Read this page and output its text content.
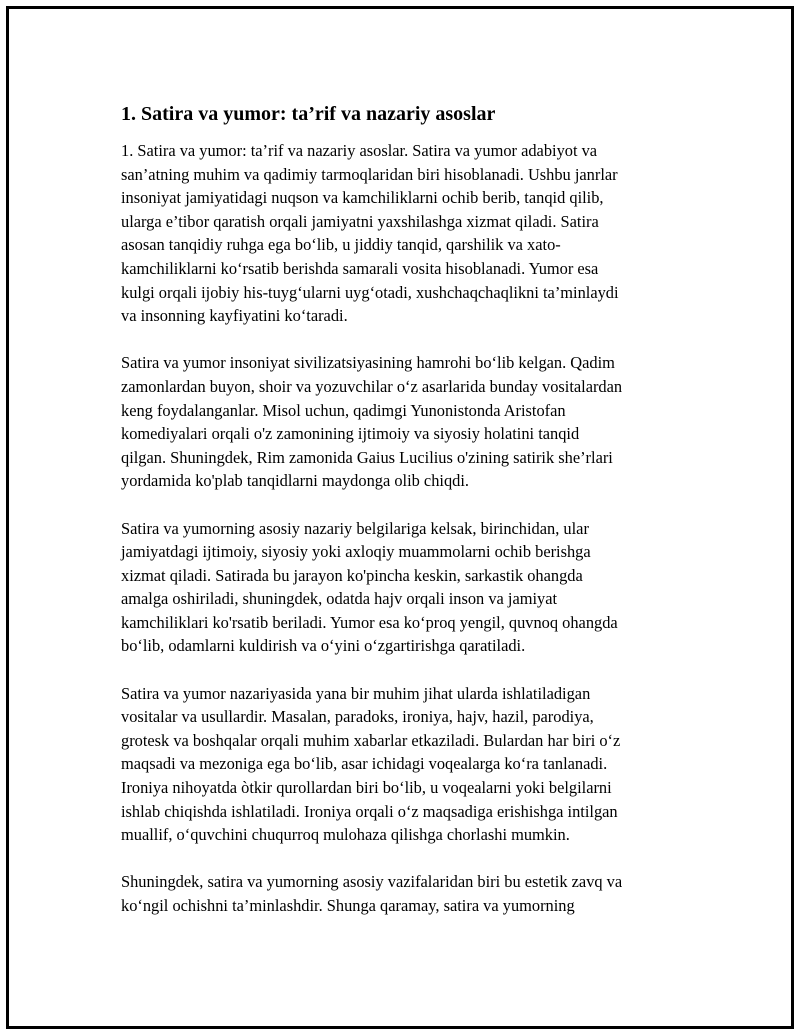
1. Satira va yumor: ta’rif va nazariy asoslar

1. Satira va yumor: ta’rif va nazariy asoslar. Satira va yumor adabiyot va
san’atning muhim va qadimiy tarmoqlaridan biri hisoblanadi. Ushbu janrlar
insoniyat jamiyatidagi nuqson va kamchiliklarni ochib berib, tanqid qilib,
ularga e’tibor qaratish orqali jamiyatni yaxshilashga xizmat qiladi. Satira
asosan tanqidiy ruhga ega bo‘lib, u jiddiy tanqid, qarshilik va xato-
kamchiliklarni ko‘rsatib berishda samarali vosita hisoblanadi. Yumor esa
kulgi orqali ijobiy his-tuyg‘ularni uyg‘otadi, xushchaqchaqlikni ta’minlaydi
va insonning kayfiyatini ko‘taradi.

Satira va yumor insoniyat sivilizatsiyasining hamrohi bo‘lib kelgan. Qadim
zamonlardan buyon, shoir va yozuvchilar o‘z asarlarida bunday vositalardan
keng foydalanganlar. Misol uchun, qadimgi Yunonistonda Aristofan
komediyalari orqali o'z zamonining ijtimoiy va siyosiy holatini tanqid
qilgan. Shuningdek, Rim zamonida Gaius Lucilius o'zining satirik she’rlari
yordamida ko'plab tanqidlarni maydonga olib chiqdi.

Satira va yumorning asosiy nazariy belgilariga kelsak, birinchidan, ular
jamiyatdagi ijtimoiy, siyosiy yoki axloqiy muammolarni ochib berishga
xizmat qiladi. Satirada bu jarayon ko'pincha keskin, sarkastik ohangda
amalga oshiriladi, shuningdek, odatda hajv orqali inson va jamiyat
kamchiliklari ko'rsatib beriladi. Yumor esa ko‘proq yengil, quvnoq ohangda
bo‘lib, odamlarni kuldirish va o‘yini o‘zgartirishga qaratiladi.

Satira va yumor nazariyasida yana bir muhim jihat ularda ishlatiladigan
vositalar va usullardir. Masalan, paradoks, ironiya, hajv, hazil, parodiya,
grotesk va boshqalar orqali muhim xabarlar etkaziladi. Bulardan har biri o‘z
maqsadi va mezoniga ega bo‘lib, asar ichidagi voqealarga ko‘ra tanlanadi.
Ironiya nihoyatda òtkir qurollardan biri bo‘lib, u voqealarni yoki belgilarni
ishlab chiqishda ishlatiladi. Ironiya orqali o‘z maqsadiga erishishga intilgan
muallif, o‘quvchini chuqurroq mulohaza qilishga chorlashi mumkin.

Shuningdek, satira va yumorning asosiy vazifalaridan biri bu estetik zavq va
ko‘ngil ochishni ta’minlashdir. Shunga qaramay, satira va yumorning
